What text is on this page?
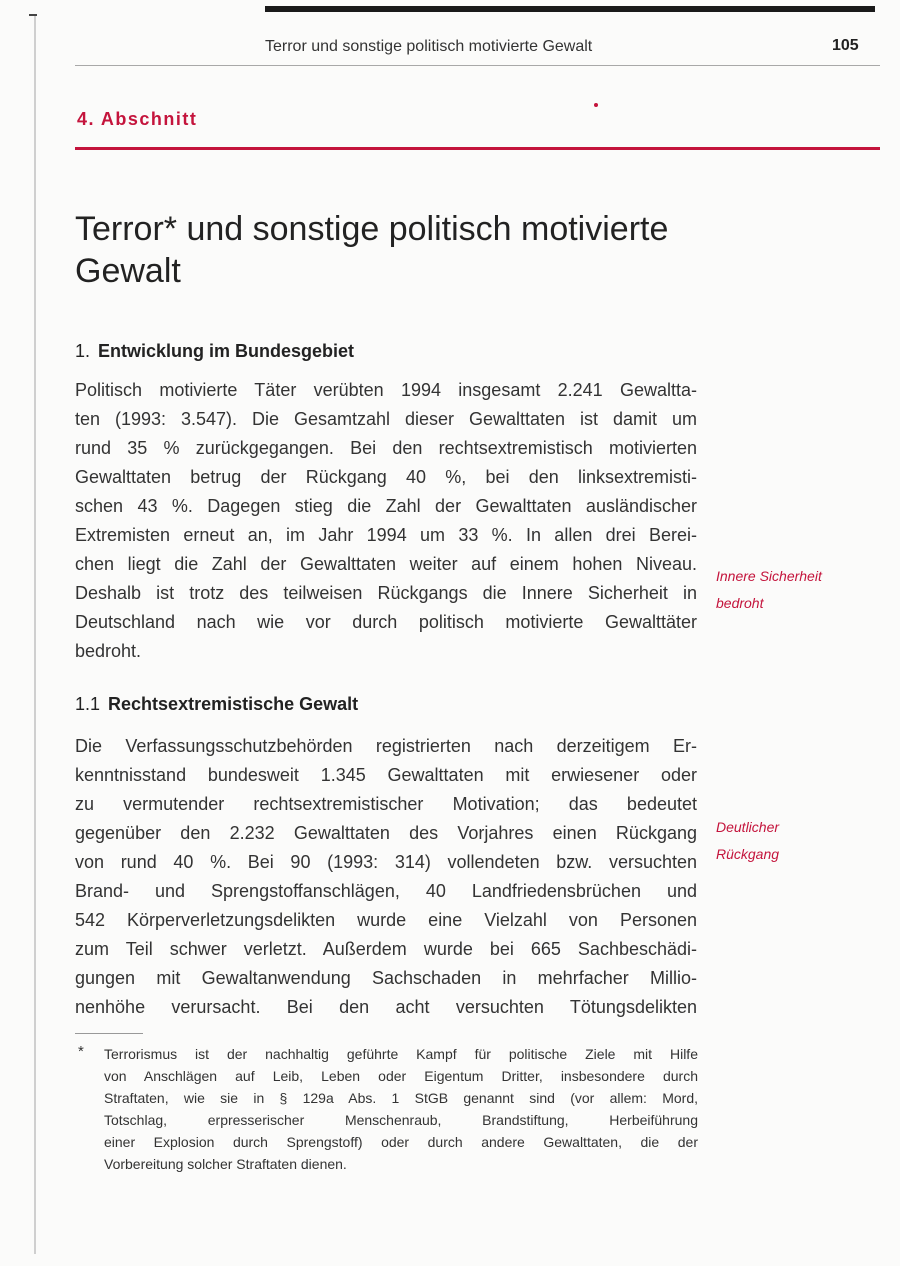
Terror und sonstige politisch motivierte Gewalt	105
4. Abschnitt
Terror* und sonstige politisch motivierte
Gewalt
1. Entwicklung im Bundesgebiet
Politisch motivierte Täter verübten 1994 insgesamt 2.241 Gewaltta-
ten (1993: 3.547). Die Gesamtzahl dieser Gewalttaten ist damit um
rund 35 % zurückgegangen. Bei den rechtsextremistisch motivierten
Gewalttaten betrug der Rückgang 40 %, bei den linksextremisti-
schen 43 %. Dagegen stieg die Zahl der Gewalttaten ausländischer
Extremisten erneut an, im Jahr 1994 um 33 %. In allen drei Berei-
chen liegt die Zahl der Gewalttaten weiter auf einem hohen Niveau.
Deshalb ist trotz des teilweisen Rückgangs die Innere Sicherheit in
Deutschland nach wie vor durch politisch motivierte Gewalttäter
bedroht.
Innere Sicherheit
bedroht
1.1 Rechtsextremistische Gewalt
Die Verfassungsschutzbehörden registrierten nach derzeitigem Er-
kenntnisstand bundesweit 1.345 Gewalttaten mit erwiesener oder
zu vermutender rechtsextremistischer Motivation; das bedeutet
gegenüber den 2.232 Gewalttaten des Vorjahres einen Rückgang
von rund 40 %. Bei 90 (1993: 314) vollendeten bzw. versuchten
Brand- und Sprengstoffanschlägen, 40 Landfriedensbrüchen und
542 Körperverletzungsdelikten wurde eine Vielzahl von Personen
zum Teil schwer verletzt. Außerdem wurde bei 665 Sachbeschädi-
gungen mit Gewaltanwendung Sachschaden in mehrfacher Millio-
nenhöhe verursacht. Bei den acht versuchten Tötungsdelikten
Deutlicher
Rückgang
* Terrorismus ist der nachhaltig geführte Kampf für politische Ziele mit Hilfe
von Anschlägen auf Leib, Leben oder Eigentum Dritter, insbesondere durch
Straftaten, wie sie in § 129a Abs. 1 StGB genannt sind (vor allem: Mord,
Totschlag, erpresserischer Menschenraub, Brandstiftung, Herbeiführung
einer Explosion durch Sprengstoff) oder durch andere Gewalttaten, die der
Vorbereitung solcher Straftaten dienen.
